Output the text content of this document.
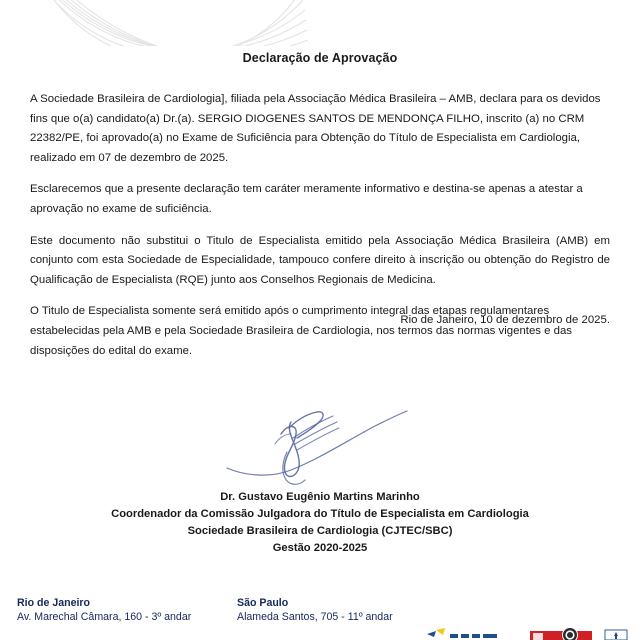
Declaração de Aprovação

A Sociedade Brasileira de Cardiologia], filiada pela Associação Médica Brasileira – AMB, declara para os devidos fins que o(a) candidato(a) Dr.(a). SERGIO DIOGENES SANTOS DE MENDONÇA FILHO, inscrito (a) no CRM 22382/PE, foi aprovado(a) no Exame de Suficiência para Obtenção do Título de Especialista em Cardiologia, realizado em 07 de dezembro de 2025.

Esclarecemos que a presente declaração tem caráter meramente informativo e destina-se apenas a atestar a aprovação no exame de suficiência.

Este documento não substitui o Titulo de Especialista emitido pela Associação Médica Brasileira (AMB) em conjunto com esta Sociedade de Especialidade, tampouco confere direito à inscrição ou obtenção do Registro de Qualificação de Especialista (RQE) junto aos Conselhos Regionais de Medicina.

O Titulo de Especialista somente será emitido após o cumprimento integral das etapas regulamentares estabelecidas pela AMB e pela Sociedade Brasileira de Cardiologia, nos termos das normas vigentes e das disposições do edital do exame.

Rio de Janeiro, 10 de dezembro de 2025.
Dr. Gustavo Eugênio Martins Marinho
Coordenador da Comissão Julgadora do Título de Especialista em Cardiologia
Sociedade Brasileira de Cardiologia (CJTEC/SBC)
Gestão 2020-2025
Rio de Janeiro
Av. Marechal Câmara, 160 - 3º andar
São Paulo
Alameda Santos, 705 - 11º andar
